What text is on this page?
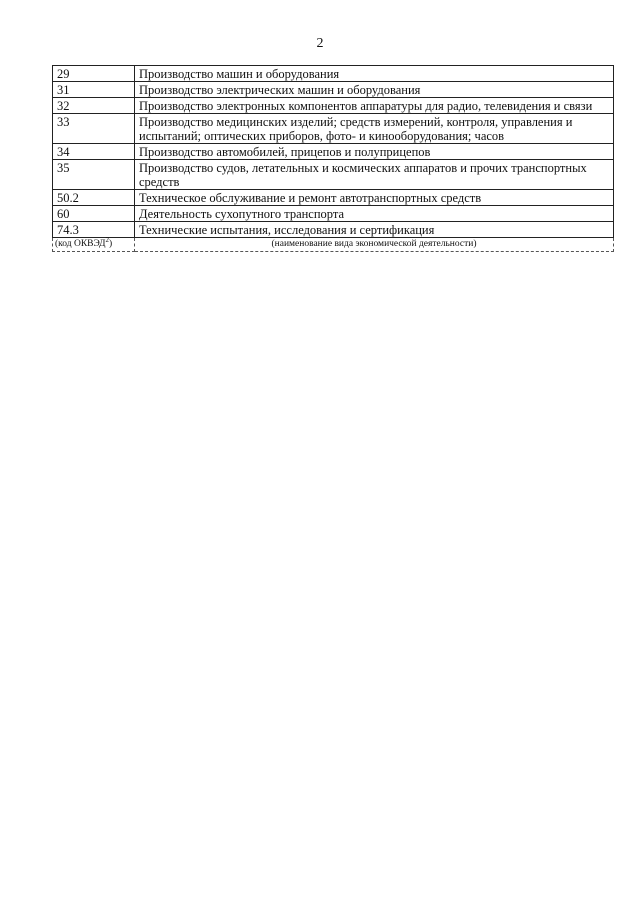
2
29	Производство машин и оборудования
31	Производство электрических машин и оборудования
32	Производство электронных компонентов аппаратуры для радио, телевидения и связи
33	Производство медицинских изделий; средств измерений, контроля, управления и испытаний; оптических приборов, фото- и кинооборудования; часов
34	Производство автомобилей, прицепов и полуприцепов
35	Производство судов, летательных и космических аппаратов и прочих транспортных средств
50.2	Техническое обслуживание и ремонт автотранспортных средств
60	Деятельность сухопутного транспорта
74.3	Технические испытания, исследования и сертификация
(код ОКВЭД$^2$)	(наименование вида экономической деятельности)
